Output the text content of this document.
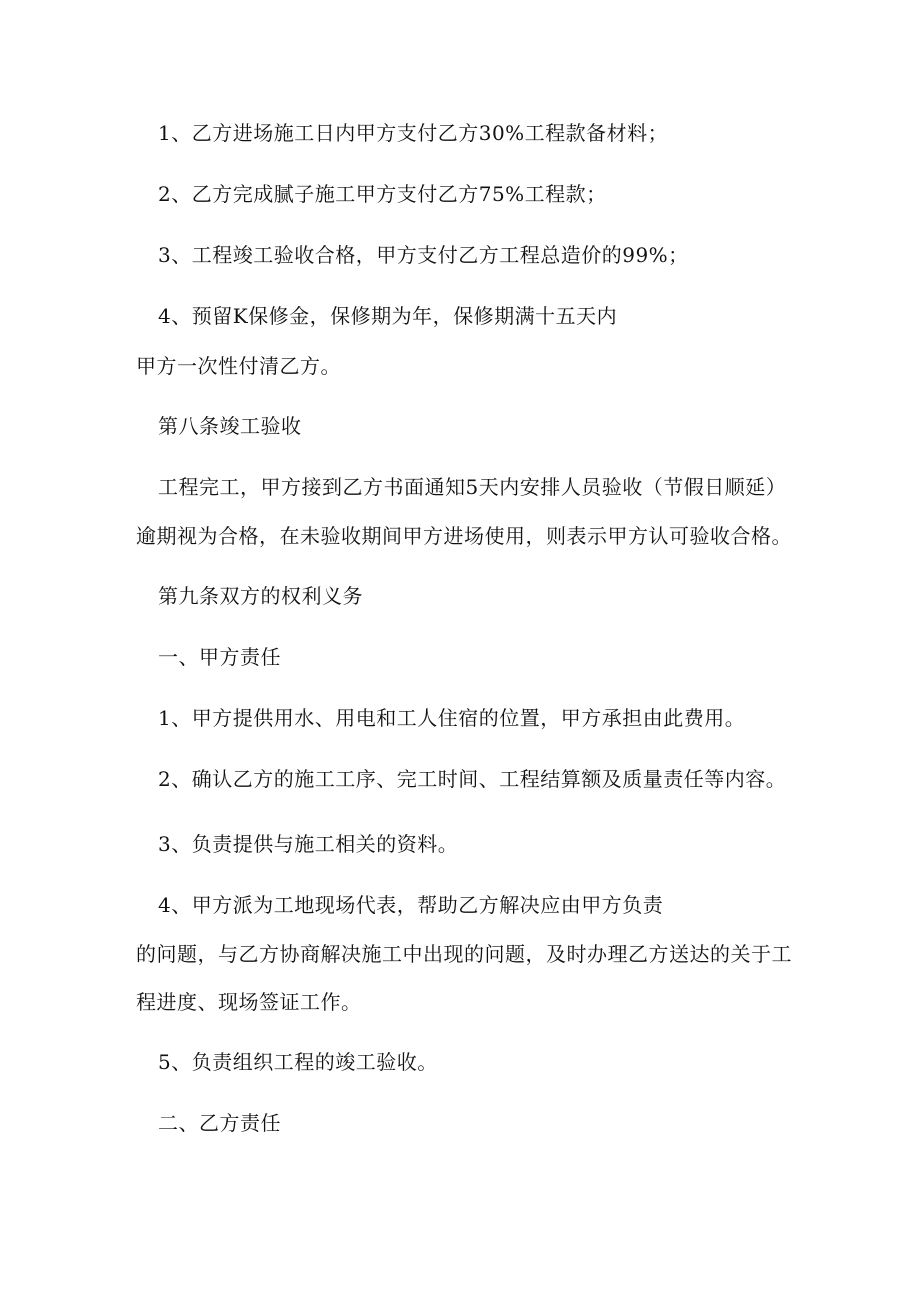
1、乙方进场施工日内甲方支付乙方30%工程款备材料；
2、乙方完成腻子施工甲方支付乙方75%工程款；
3、工程竣工验收合格，甲方支付乙方工程总造价的99%；
4、预留K保修金，保修期为年，保修期满十五天内
甲方一次性付清乙方。
第八条竣工验收
工程完工，甲方接到乙方书面通知5天内安排人员验收（节假日顺延）
逾期视为合格，在未验收期间甲方进场使用，则表示甲方认可验收合格。
第九条双方的权利义务
一、甲方责任
1、甲方提供用水、用电和工人住宿的位置，甲方承担由此费用。
2、确认乙方的施工工序、完工时间、工程结算额及质量责任等内容。
3、负责提供与施工相关的资料。
4、甲方派为工地现场代表，帮助乙方解决应由甲方负责
的问题，与乙方协商解决施工中出现的问题，及时办理乙方送达的关于工
程进度、现场签证工作。
5、负责组织工程的竣工验收。
二、乙方责任
